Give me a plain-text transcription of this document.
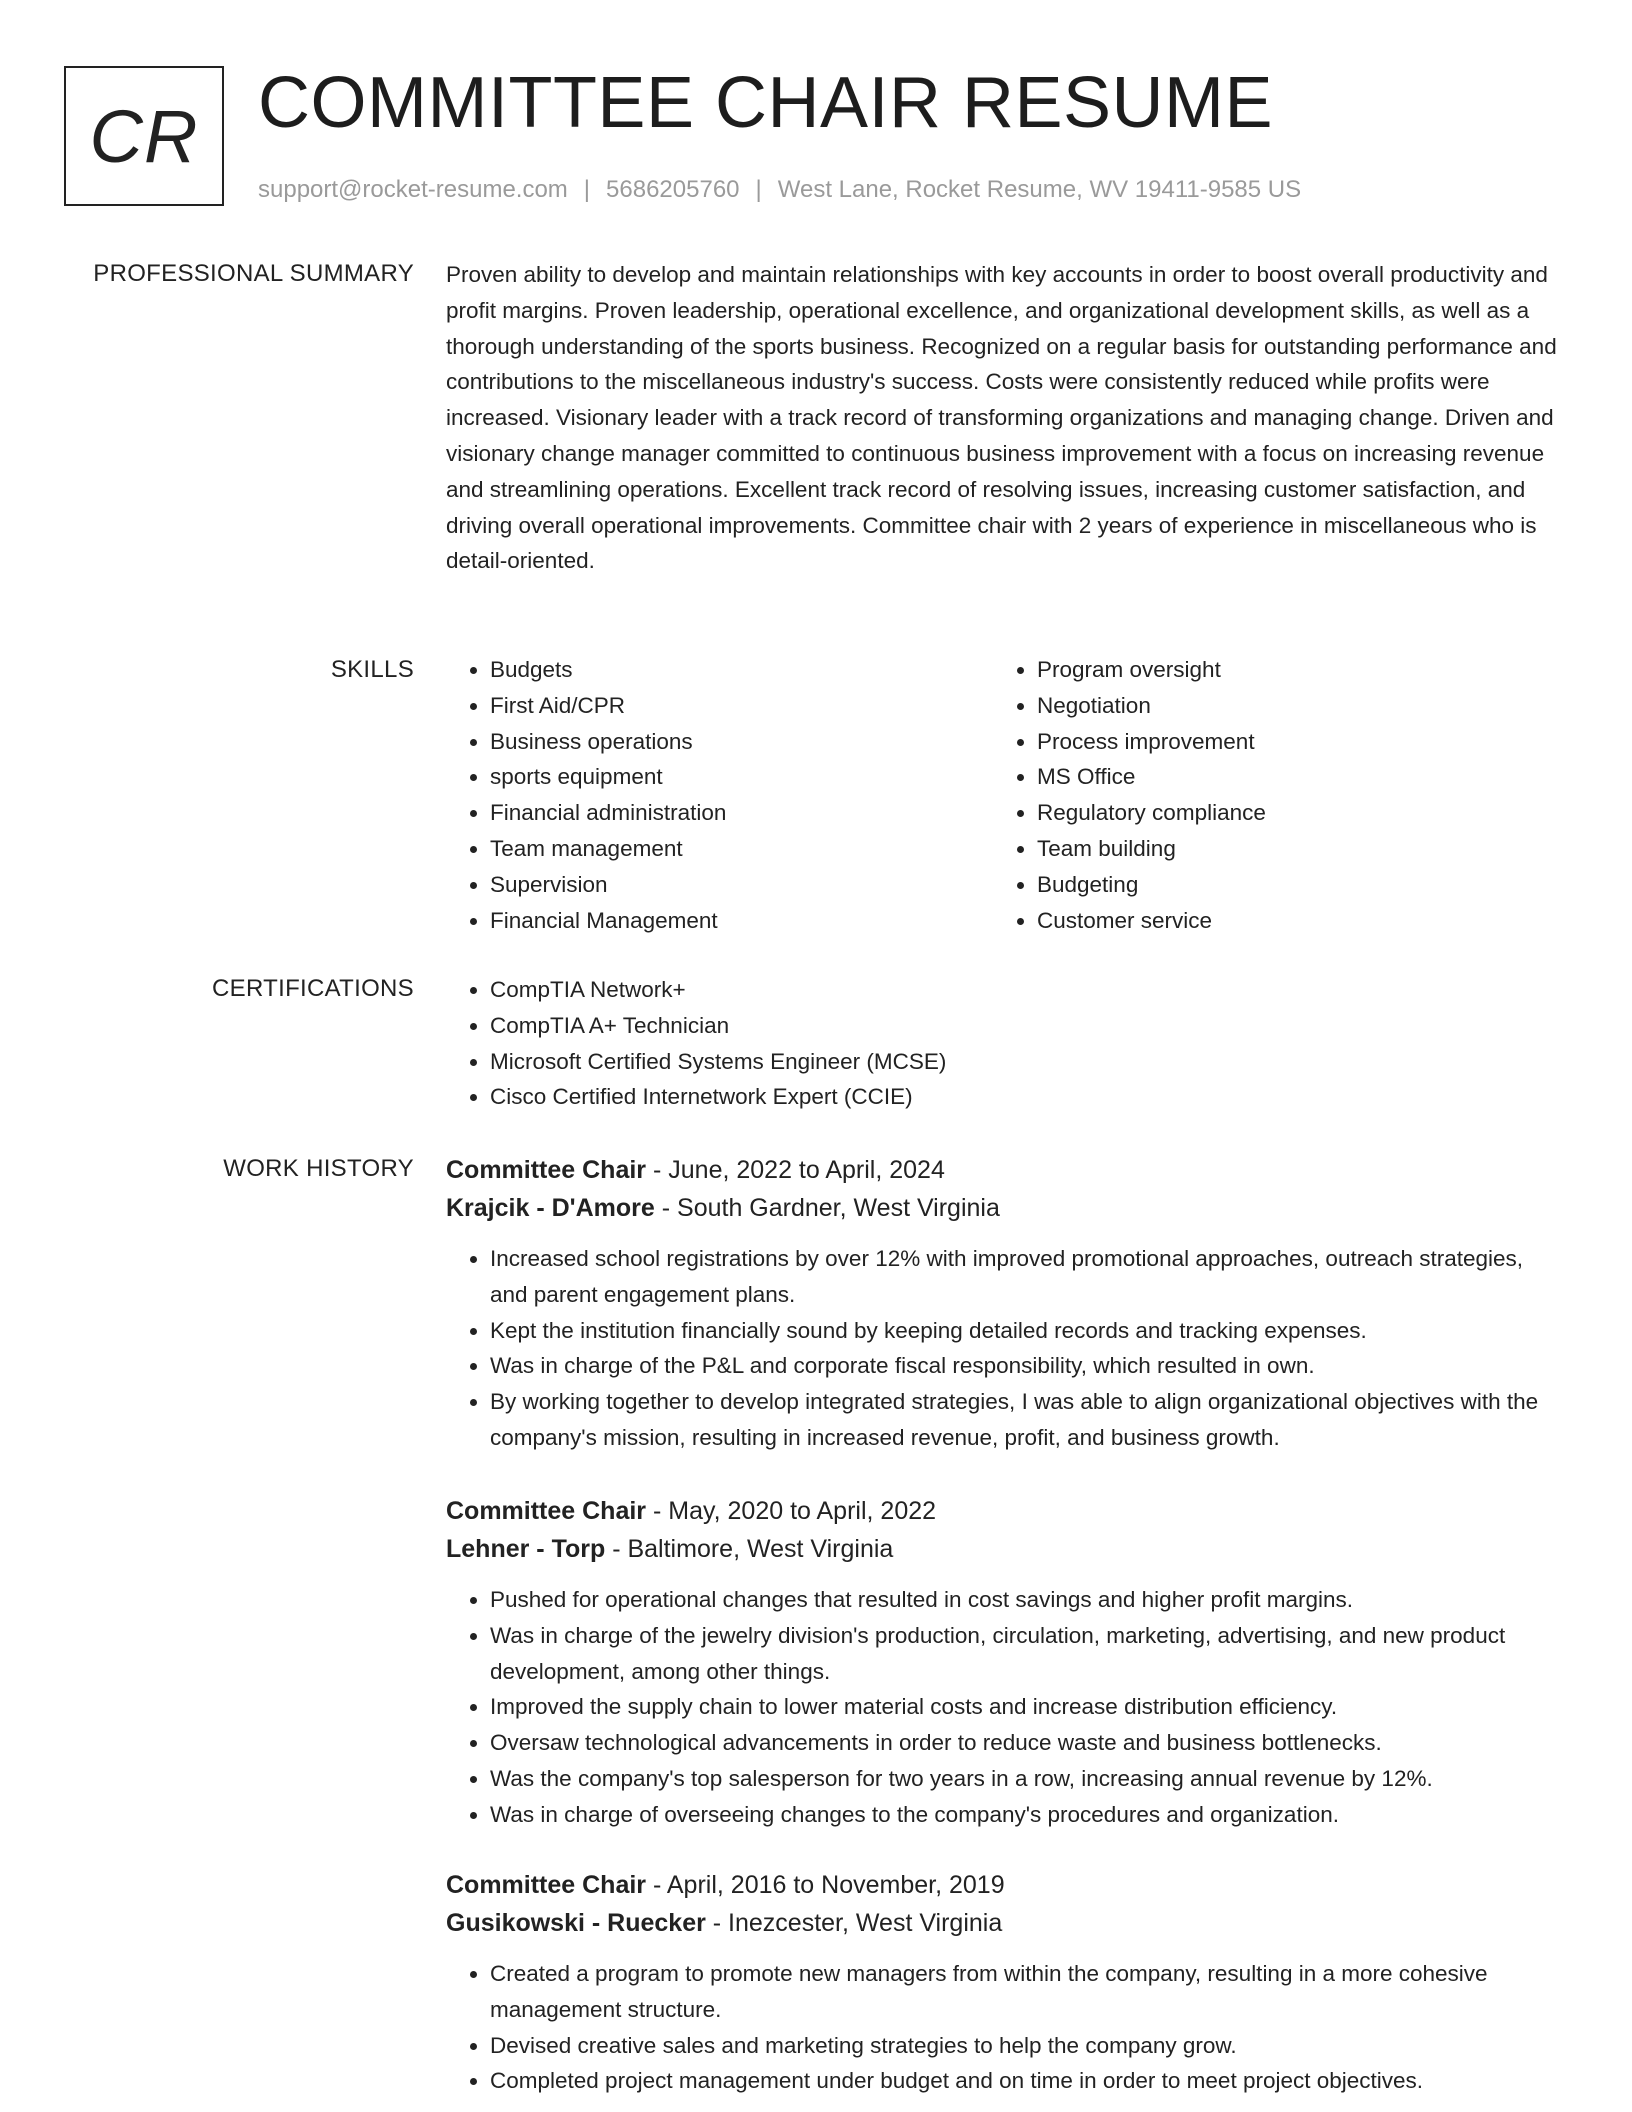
CR COMMITTEE CHAIR RESUME
support@rocket-resume.com | 5686205760 | West Lane, Rocket Resume, WV 19411-9585 US
PROFESSIONAL SUMMARY Proven ability to develop and maintain relationships with key accounts in order to boost overall productivity and profit margins. Proven leadership, operational excellence, and organizational development skills, as well as a thorough understanding of the sports business. Recognized on a regular basis for outstanding performance and contributions to the miscellaneous industry's success. Costs were consistently reduced while profits were increased. Visionary leader with a track record of transforming organizations and managing change. Driven and visionary change manager committed to continuous business improvement with a focus on increasing revenue and streamlining operations. Excellent track record of resolving issues, increasing customer satisfaction, and driving overall operational improvements. Committee chair with 2 years of experience in miscellaneous who is detail-oriented.

SKILLS	• Budgets
• First Aid/CPR
• Business operations
• sports equipment
• Financial administration
• Team management
• Supervision
• Financial Management
• Program oversight
• Negotiation
• Process improvement
• MS Office
• Regulatory compliance
• Team building
• Budgeting
• Customer service
CERTIFICATIONS	• CompTIA Network+
• CompTIA A+ Technician
• Microsoft Certified Systems Engineer (MCSE)
• Cisco Certified Internetwork Expert (CCIE)
WORK HISTORY Committee Chair - June, 2022 to April, 2024
Krajcik - D'Amore - South Gardner, West Virginia
• Increased school registrations by over 12% with improved promotional approaches, outreach strategies, and parent engagement plans.
• Kept the institution financially sound by keeping detailed records and tracking expenses.
• Was in charge of the P&L and corporate fiscal responsibility, which resulted in own.
• By working together to develop integrated strategies, I was able to align organizational objectives with the company's mission, resulting in increased revenue, profit, and business growth.
Committee Chair - May, 2020 to April, 2022
Lehner - Torp - Baltimore, West Virginia
• Pushed for operational changes that resulted in cost savings and higher profit margins.
• Was in charge of the jewelry division's production, circulation, marketing, advertising, and new product development, among other things.
• Improved the supply chain to lower material costs and increase distribution efficiency.
• Oversaw technological advancements in order to reduce waste and business bottlenecks.
• Was the company's top salesperson for two years in a row, increasing annual revenue by 12%.
• Was in charge of overseeing changes to the company's procedures and organization.
Committee Chair - April, 2016 to November, 2019
Gusikowski - Ruecker - Inezcester, West Virginia
• Created a program to promote new managers from within the company, resulting in a more cohesive management structure.
• Devised creative sales and marketing strategies to help the company grow.
• Completed project management under budget and on time in order to meet project objectives.
